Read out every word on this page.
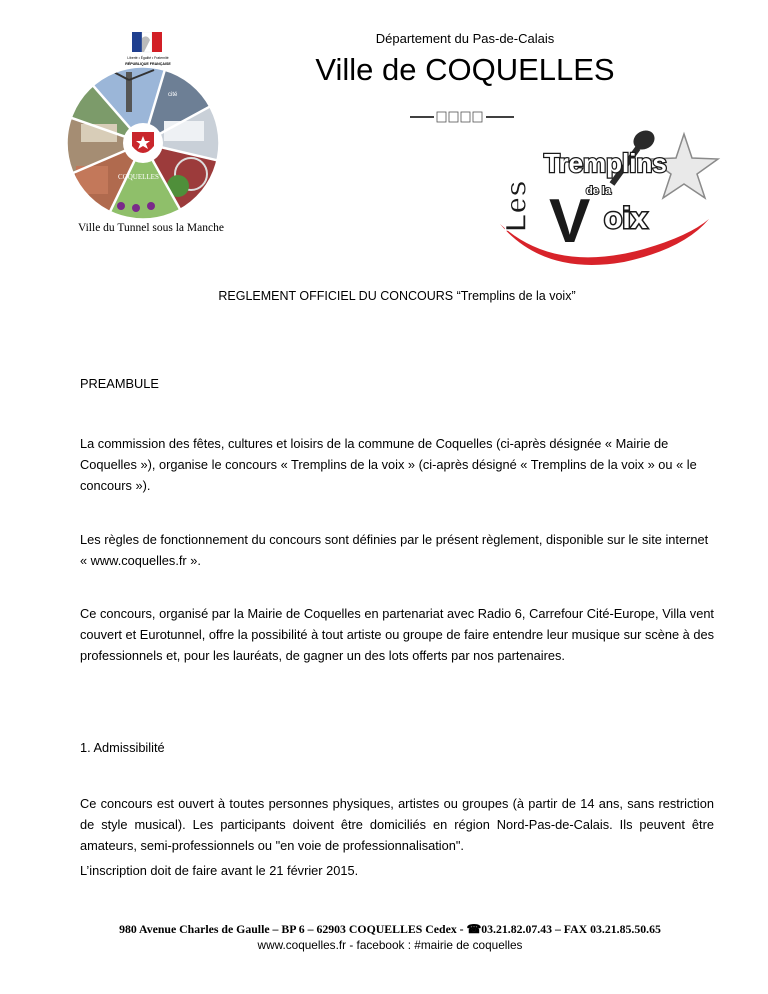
Département du Pas-de-Calais
Ville de COQUELLES
Liberté • Égalité • Fraternité
RÉPUBLIQUE FRANÇAISE
cité
COQUELLES
Ville du Tunnel sous la Manche	Les
Tremplins
de la
V oix
REGLEMENT OFFICIEL DU CONCOURS “Tremplins de la voix”
PREAMBULE
La commission des fêtes, cultures et loisirs de la commune de Coquelles (ci-après désignée « Mairie de Coquelles »), organise le concours « Tremplins de la voix » (ci-après désigné « Tremplins de la voix » ou « le concours »).
Les règles de fonctionnement du concours sont définies par le présent règlement, disponible sur le site internet « www.coquelles.fr ».
Ce concours, organisé par la Mairie de Coquelles en partenariat avec Radio 6, Carrefour Cité-Europe, Villa vent couvert et Eurotunnel, offre la possibilité à tout artiste ou groupe de faire entendre leur musique sur scène à des professionnels et, pour les lauréats, de gagner un des lots offerts par nos partenaires.
1. Admissibilité
Ce concours est ouvert à toutes personnes physiques, artistes ou groupes (à partir de 14 ans, sans restriction de style musical). Les participants doivent être domiciliés en région Nord-Pas-de-Calais. Ils peuvent être amateurs, semi-professionnels ou "en voie de professionnalisation".
L’inscription doit de faire avant le 21 février 2015.
980 Avenue Charles de Gaulle – BP 6 – 62903 COQUELLES Cedex - ☎03.21.82.07.43 – FAX 03.21.85.50.65
www.coquelles.fr - facebook : #mairie de coquelles
